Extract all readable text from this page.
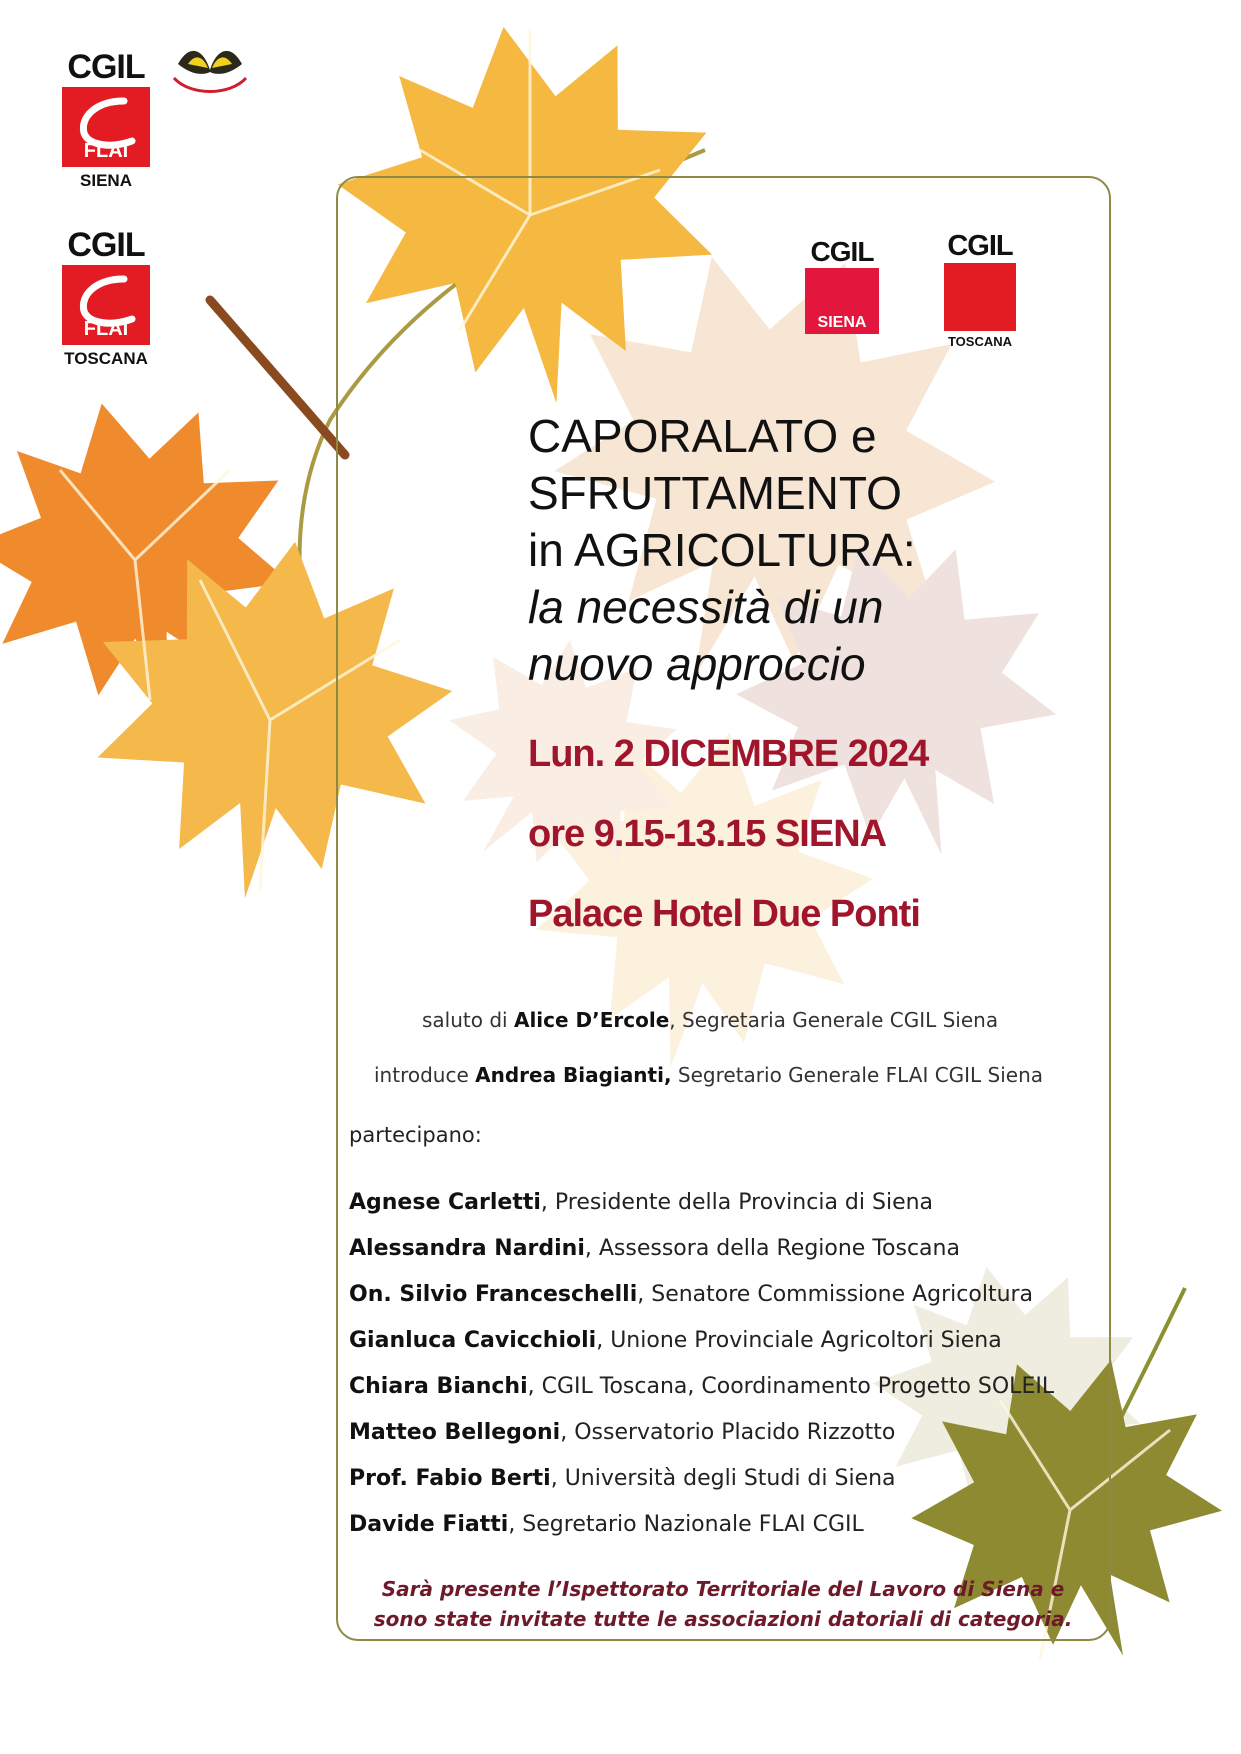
CGIL
FLAI
SIENA
CGIL
FLAI
TOSCANA
CGIL
SIENA
CGIL
TOSCANA
CAPORALATO e
SFRUTTAMENTO
in AGRICOLTURA:
la necessità di un
nuovo approccio
Lun. 2 DICEMBRE 2024
ore 9.15-13.15 SIENA
Palace Hotel Due Ponti
saluto di Alice D’Ercole, Segretaria Generale CGIL Siena
introduce Andrea Biagianti, Segretario Generale FLAI CGIL Siena
partecipano:
Agnese Carletti, Presidente della Provincia di Siena
Alessandra Nardini, Assessora della Regione Toscana
On. Silvio Franceschelli, Senatore Commissione Agricoltura
Gianluca Cavicchioli, Unione Provinciale Agricoltori Siena
Chiara Bianchi, CGIL Toscana, Coordinamento Progetto SOLEIL
Matteo Bellegoni, Osservatorio Placido Rizzotto
Prof. Fabio Berti, Università degli Studi di Siena
Davide Fiatti, Segretario Nazionale FLAI CGIL
Sarà presente l’Ispettorato Territoriale del Lavoro di Siena e
sono state invitate tutte le associazioni datoriali di categoria.
